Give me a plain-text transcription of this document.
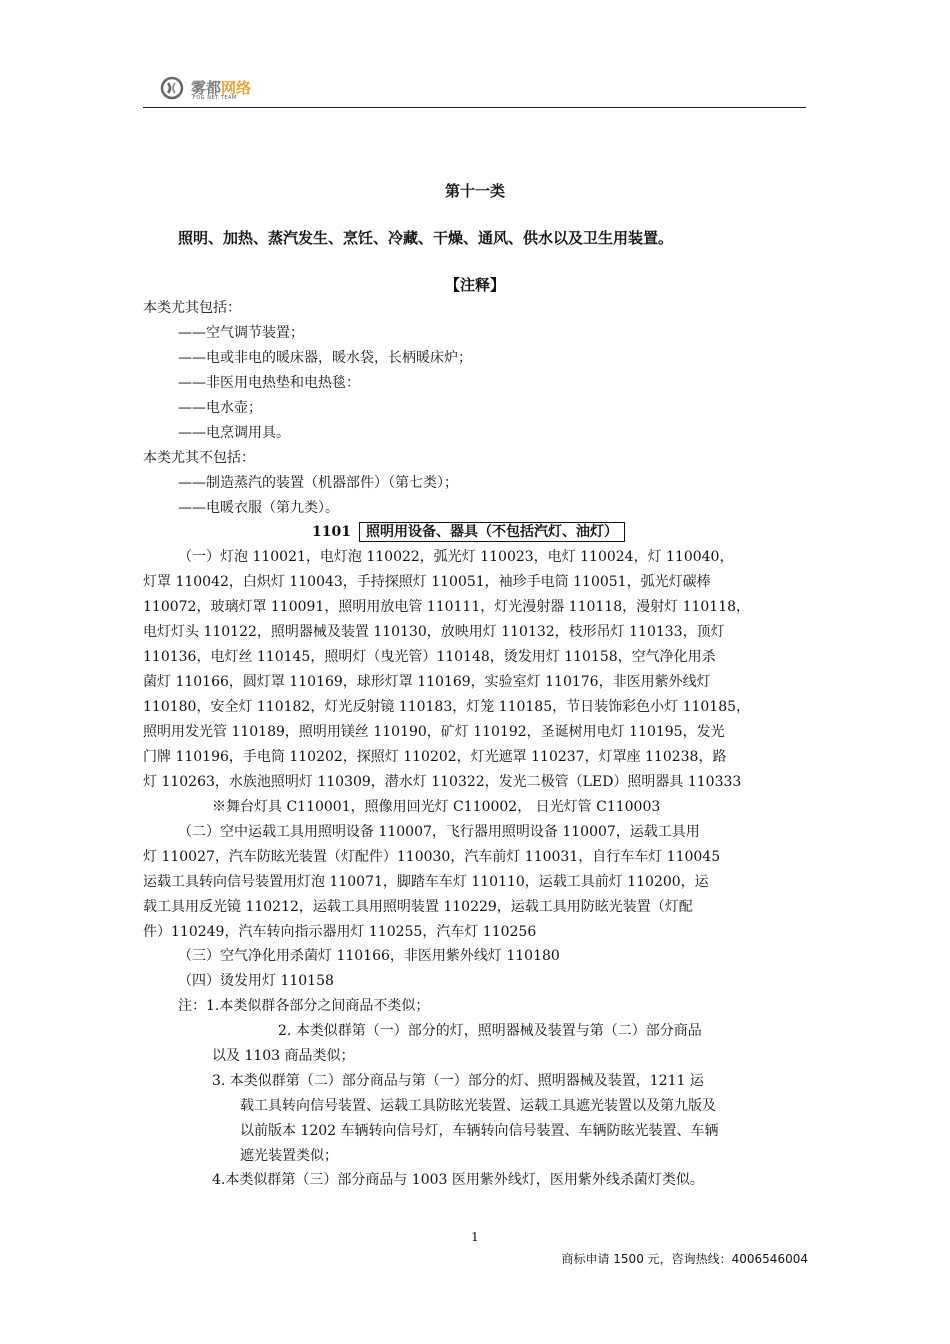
雾都网络
FOG NET TEAM
第十一类
照明、加热、蒸汽发生、烹饪、冷藏、干燥、通风、供水以及卫生用装置。
【注释】
本类尤其包括：
——空气调节装置；
——电或非电的暖床器，暖水袋，长柄暖床炉；
——非医用电热垫和电热毯：
——电水壶；
——电烹调用具。
本类尤其不包括：
——制造蒸汽的装置（机器部件）（第七类）；
——电暖衣服（第九类）。
1101 照明用设备、器具（不包括汽灯、油灯）
（一）灯泡 110021，电灯泡 110022，弧光灯 110023，电灯 110024，灯 110040，
灯罩 110042，白炽灯 110043，手持探照灯 110051，袖珍手电筒 110051，弧光灯碳棒
110072，玻璃灯罩 110091，照明用放电管 110111，灯光漫射器 110118，漫射灯 110118，
电灯灯头 110122，照明器械及装置 110130，放映用灯 110132，枝形吊灯 110133，顶灯
110136，电灯丝 110145，照明灯（曳光管）110148，烫发用灯 110158，空气净化用杀
菌灯 110166，圆灯罩 110169，球形灯罩 110169，实验室灯 110176，非医用紫外线灯
110180，安全灯 110182，灯光反射镜 110183，灯笼 110185，节日装饰彩色小灯 110185，
照明用发光管 110189，照明用镁丝 110190，矿灯 110192，圣诞树用电灯 110195，发光
门牌 110196，手电筒 110202，探照灯 110202，灯光遮罩 110237，灯罩座 110238，路
灯 110263，水族池照明灯 110309，潜水灯 110322，发光二极管（LED）照明器具 110333
※舞台灯具 C110001，照像用回光灯 C110002， 日光灯管 C110003
（二）空中运载工具用照明设备 110007，飞行器用照明设备 110007，运载工具用
灯 110027，汽车防眩光装置（灯配件）110030，汽车前灯 110031，自行车车灯 110045
运载工具转向信号装置用灯泡 110071，脚踏车车灯 110110，运载工具前灯 110200，运
载工具用反光镜 110212，运载工具用照明装置 110229，运载工具用防眩光装置（灯配
件）110249，汽车转向指示器用灯 110255，汽车灯 110256
（三）空气净化用杀菌灯 110166，非医用紫外线灯 110180
（四）烫发用灯 110158
注：1.本类似群各部分之间商品不类似；
2. 本类似群第（一）部分的灯，照明器械及装置与第（二）部分商品
以及 1103 商品类似；
3. 本类似群第（二）部分商品与第（一）部分的灯、照明器械及装置，1211 运
载工具转向信号装置、运载工具防眩光装置、运载工具遮光装置以及第九版及
以前版本 1202 车辆转向信号灯，车辆转向信号装置、车辆防眩光装置、车辆
遮光装置类似；
4.本类似群第（三）部分商品与 1003 医用紫外线灯，医用紫外线杀菌灯类似。
1
商标申请 1500 元，咨询热线：4006546004
